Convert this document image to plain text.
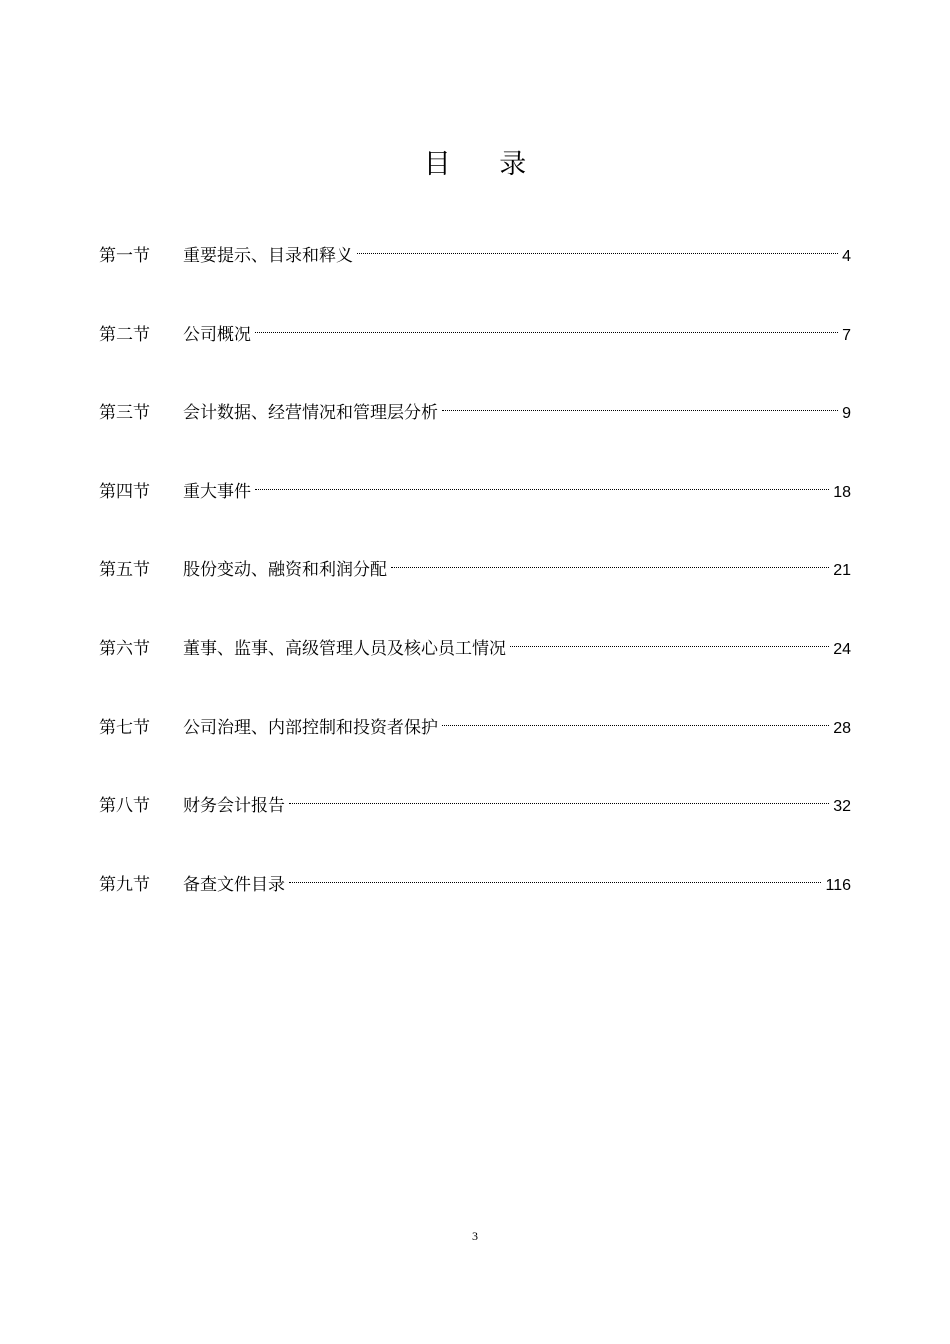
目 录
第一节	重要提示、目录和释义	4
第二节	公司概况	7
第三节	会计数据、经营情况和管理层分析	9
第四节	重大事件	18
第五节	股份变动、融资和利润分配	21
第六节	董事、监事、高级管理人员及核心员工情况	24
第七节	公司治理、内部控制和投资者保护	28
第八节	财务会计报告	32
第九节	备查文件目录	116
3
